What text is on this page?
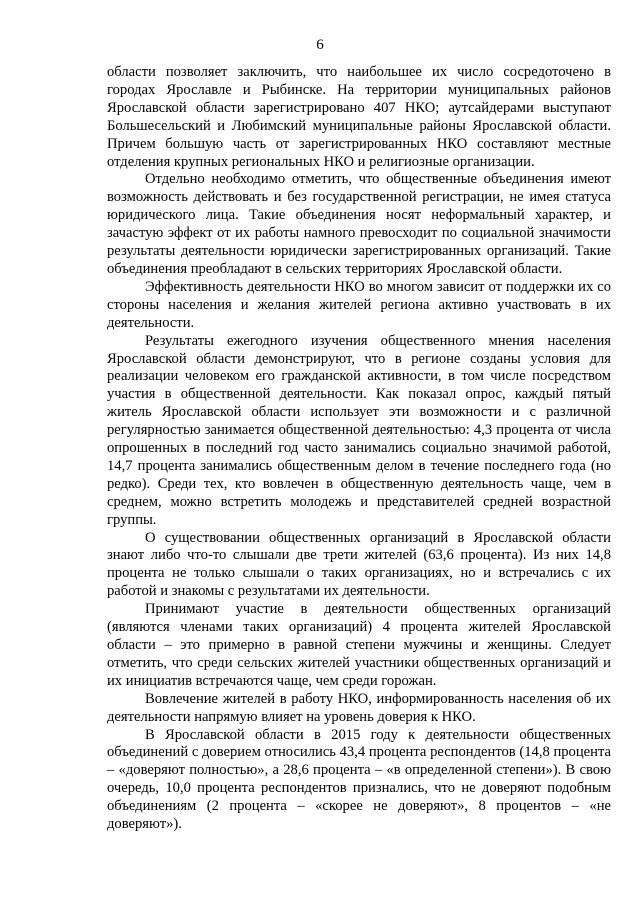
6

области позволяет заключить, что наибольшее их число сосредоточено в городах Ярославле и Рыбинске. На территории муниципальных районов Ярославской области зарегистрировано 407 НКО; аутсайдерами выступают Большесельский и Любимский муниципальные районы Ярославской области. Причем большую часть от зарегистрированных НКО составляют местные отделения крупных региональных НКО и религиозные организации.

Отдельно необходимо отметить, что общественные объединения имеют возможность действовать и без государственной регистрации, не имея статуса юридического лица. Такие объединения носят неформальный характер, и зачастую эффект от их работы намного превосходит по социальной значимости результаты деятельности юридически зарегистрированных организаций. Такие объединения преобладают в сельских территориях Ярославской области.

Эффективность деятельности НКО во многом зависит от поддержки их со стороны населения и желания жителей региона активно участвовать в их деятельности.

Результаты ежегодного изучения общественного мнения населения Ярославской области демонстрируют, что в регионе созданы условия для реализации человеком его гражданской активности, в том числе посредством участия в общественной деятельности. Как показал опрос, каждый пятый житель Ярославской области использует эти возможности и с различной регулярностью занимается общественной деятельностью: 4,3 процента от числа опрошенных в последний год часто занимались социально значимой работой, 14,7 процента занимались общественным делом в течение последнего года (но редко). Среди тех, кто вовлечен в общественную деятельность чаще, чем в среднем, можно встретить молодежь и представителей средней возрастной группы.

О существовании общественных организаций в Ярославской области знают либо что-то слышали две трети жителей (63,6 процента). Из них 14,8 процента не только слышали о таких организациях, но и встречались с их работой и знакомы с результатами их деятельности.

Принимают участие в деятельности общественных организаций (являются членами таких организаций) 4 процента жителей Ярославской области – это примерно в равной степени мужчины и женщины. Следует отметить, что среди сельских жителей участники общественных организаций и их инициатив встречаются чаще, чем среди горожан.

Вовлечение жителей в работу НКО, информированность населения об их деятельности напрямую влияет на уровень доверия к НКО.

В Ярославской области в 2015 году к деятельности общественных объединений с доверием относились 43,4 процента респондентов (14,8 процента – «доверяют полностью», а 28,6 процента – «в определенной степени»). В свою очередь, 10,0 процента респондентов признались, что не доверяют подобным объединениям (2 процента – «скорее не доверяют», 8 процентов – «не доверяют»).
